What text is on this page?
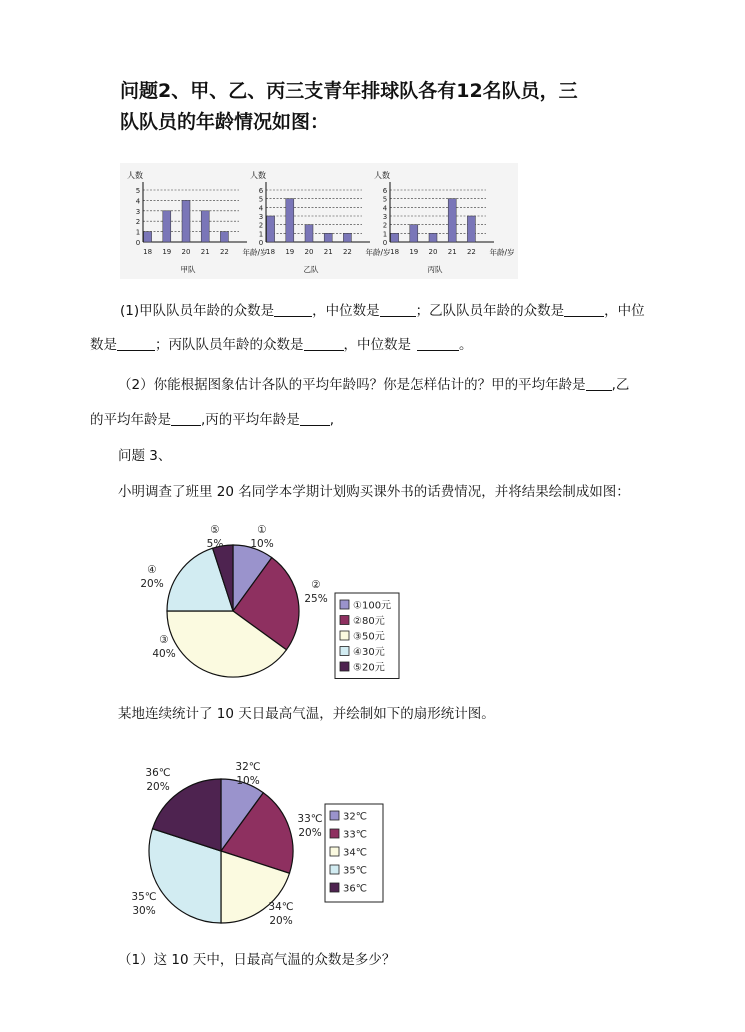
问题2、甲、乙、丙三支青年排球队各有12名队员，三
队队员的年龄情况如图：
0
1
2
3
4
5
人数
18 19 20 21 22 年龄/岁
甲队
0
1
2
3
4
5
6
人数
18 19 20 21 22 年龄/岁
乙队
0
1
2
3
4
5
6
人数
18 19 20 21 22 年龄/岁
丙队
(1)甲队队员年龄的众数是	，中位数是	；乙队队员年龄的众数是	，中位
数是	；丙队队员年龄的众数是	，中位数是	。
（2）你能根据图象估计各队的平均年龄吗？你是怎样估计的？甲的平均年龄是 ,乙
的平均年龄是 ,丙的平均年龄是 ,
问题 3、
小明调查了班里 20 名同学本学期计划购买课外书的话费情况，并将结果绘制成如图：
①
10%
②
25%
③
40%
④
20%
⑤
5%
①100元
②80元
③50元
④30元
⑤20元
某地连续统计了 10 天日最高气温，并绘制如下的扇形统计图。
32℃
10%
33℃
20%
34℃
20%
35℃
30%
36℃
20%
32℃
33℃
34℃
35℃
36℃
（1）这 10 天中，日最高气温的众数是多少？
